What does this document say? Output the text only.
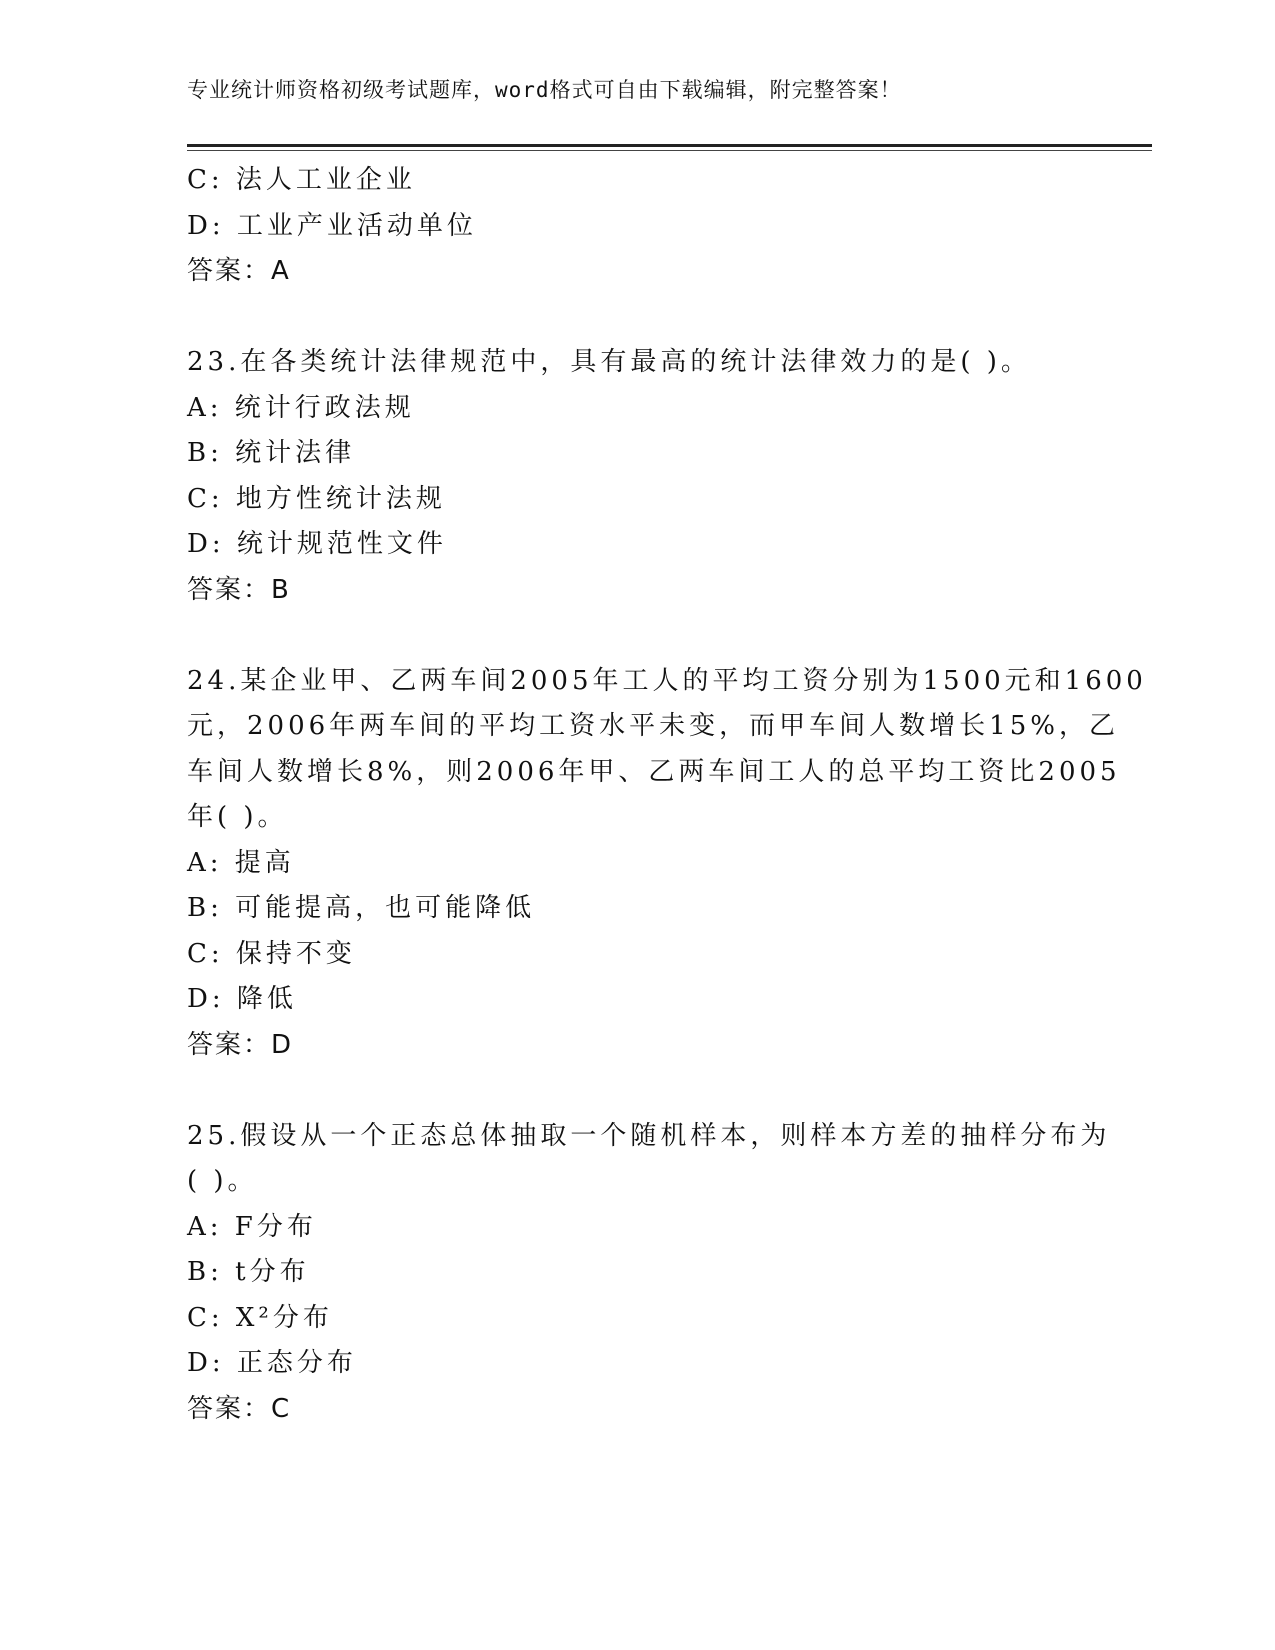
专业统计师资格初级考试题库，word格式可自由下载编辑，附完整答案！
C: 法人工业企业
D: 工业产业活动单位
答案：A
23.在各类统计法律规范中，具有最高的统计法律效力的是( )。
A: 统计行政法规
B: 统计法律
C: 地方性统计法规
D: 统计规范性文件
答案：B
24.某企业甲、乙两车间2005年工人的平均工资分别为1500元和1600
元，2006年两车间的平均工资水平未变，而甲车间人数增长15%，乙
车间人数增长8%，则2006年甲、乙两车间工人的总平均工资比2005
年( )。
A: 提高
B: 可能提高，也可能降低
C: 保持不变
D: 降低
答案：D
25.假设从一个正态总体抽取一个随机样本，则样本方差的抽样分布为
( )。
A: F分布
B: t分布
C: X²分布
D: 正态分布
答案：C
